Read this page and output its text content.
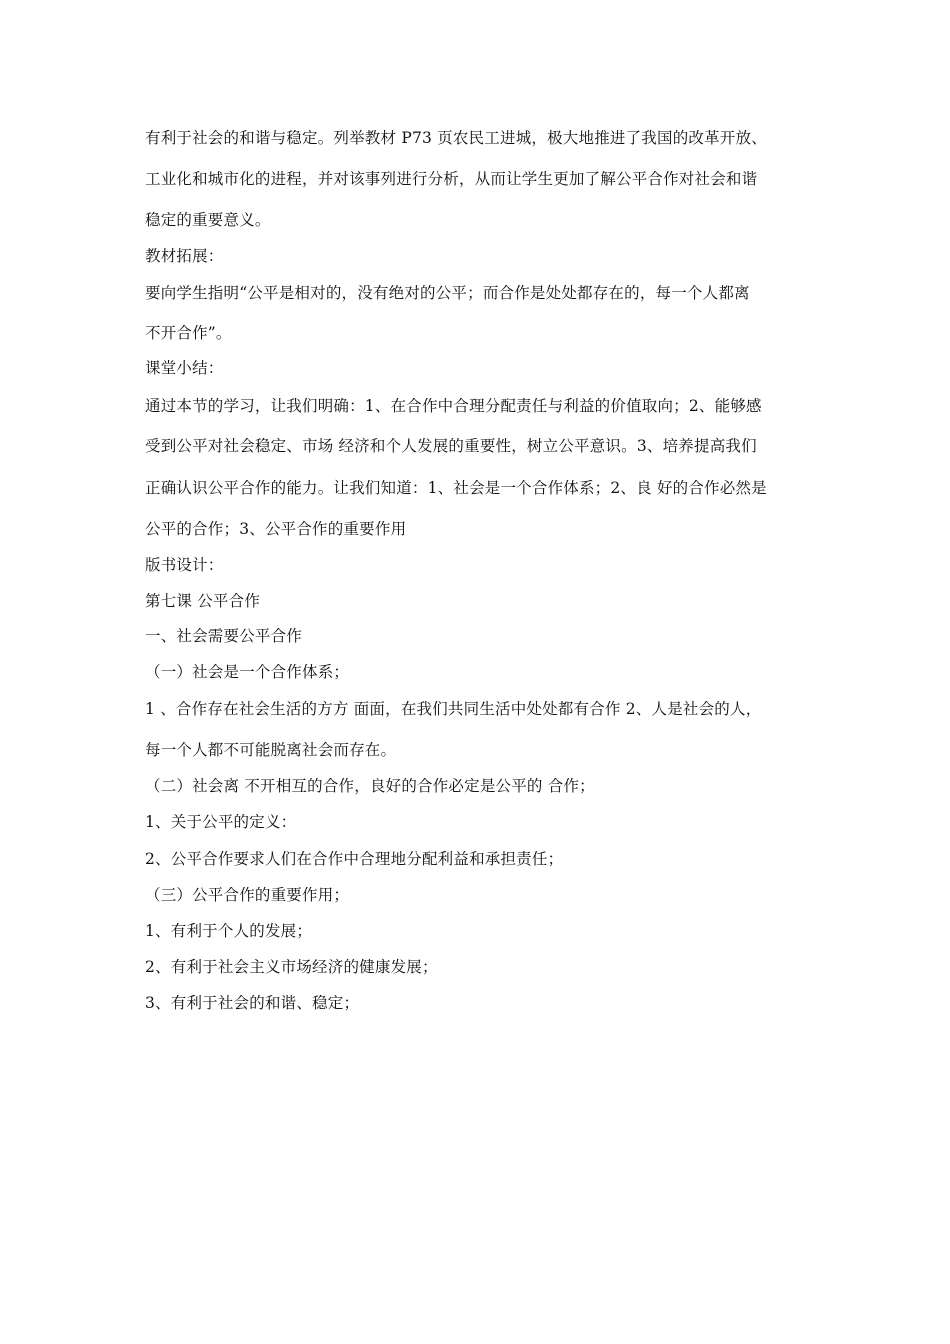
有利于社会的和谐与稳定。列举教材 P73 页农民工进城，极大地推进了我国的改革开放、
工业化和城市化的进程，并对该事列进行分析，从而让学生更加了解公平合作对社会和谐
稳定的重要意义。
教材拓展：
要向学生指明“公平是相对的，没有绝对的公平；而合作是处处都存在的，每一个人都离
不开合作”。
课堂小结：
通过本节的学习，让我们明确：1、在合作中合理分配责任与利益的价值取向；2、能够感
受到公平对社会稳定、市场 经济和个人发展的重要性，树立公平意识。3、培养提高我们
正确认识公平合作的能力。让我们知道：1、社会是一个合作体系；2、良 好的合作必然是
公平的合作；3、公平合作的重要作用
版书设计：
第七课 公平合作
一、社会需要公平合作
（一）社会是一个合作体系；
1 、合作存在社会生活的方方 面面，在我们共同生活中处处都有合作 2、人是社会的人，
每一个人都不可能脱离社会而存在。
（二）社会离 不开相互的合作，良好的合作必定是公平的 合作；
1、关于公平的定义：
2、公平合作要求人们在合作中合理地分配利益和承担责任；
（三）公平合作的重要作用；
1、有利于个人的发展；
2、有利于社会主义市场经济的健康发展；
3、有利于社会的和谐、稳定；
